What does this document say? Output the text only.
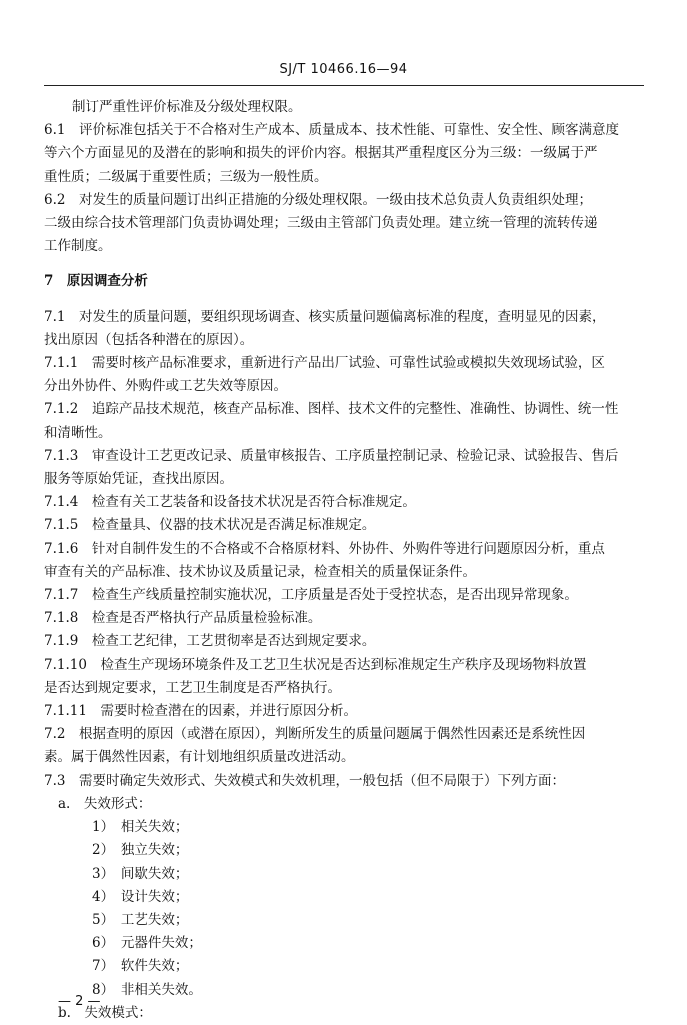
SJ/T 10466.16—94

制订严重性评价标准及分级处理权限。

6.1　评价标准包括关于不合格对生产成本、质量成本、技术性能、可靠性、安全性、顾客满意度

等六个方面显见的及潜在的影响和损失的评价内容。根据其严重程度区分为三级：一级属于严

重性质；二级属于重要性质；三级为一般性质。

6.2　对发生的质量问题订出纠正措施的分级处理权限。一级由技术总负责人负责组织处理；

二级由综合技术管理部门负责协调处理；三级由主管部门负责处理。建立统一管理的流转传递

工作制度。

7　原因调查分析

7.1　对发生的质量问题，要组织现场调查、核实质量问题偏离标准的程度，查明显见的因素，

找出原因（包括各种潜在的原因）。

7.1.1　需要时核产品标准要求，重新进行产品出厂试验、可靠性试验或模拟失效现场试验，区

分出外协件、外购件或工艺失效等原因。

7.1.2　追踪产品技术规范，核查产品标准、图样、技术文件的完整性、准确性、协调性、统一性

和清晰性。

7.1.3　审查设计工艺更改记录、质量审核报告、工序质量控制记录、检验记录、试验报告、售后

服务等原始凭证，查找出原因。

7.1.4　检查有关工艺装备和设备技术状况是否符合标准规定。

7.1.5　检查量具、仪器的技术状况是否满足标准规定。

7.1.6　针对自制件发生的不合格或不合格原材料、外协件、外购件等进行问题原因分析，重点

审查有关的产品标准、技术协议及质量记录，检查相关的质量保证条件。

7.1.7　检查生产线质量控制实施状况，工序质量是否处于受控状态，是否出现异常现象。

7.1.8　检查是否严格执行产品质量检验标准。

7.1.9　检查工艺纪律，工艺贯彻率是否达到规定要求。

7.1.10　检查生产现场环境条件及工艺卫生状况是否达到标准规定生产秩序及现场物料放置

是否达到规定要求，工艺卫生制度是否严格执行。

7.1.11　需要时检查潜在的因素，并进行原因分析。

7.2　根据查明的原因（或潜在原因），判断所发生的质量问题属于偶然性因素还是系统性因

素。属于偶然性因素，有计划地组织质量改进活动。

7.3　需要时确定失效形式、失效模式和失效机理，一般包括（但不局限于）下列方面：

a.　失效形式：

1）　相关失效；

2）　独立失效；

3）　间歇失效；

4）　设计失效；

5）　工艺失效；

6）　元器件失效；

7）　软件失效；

8）　非相关失效。

b.　失效模式：

— 2 —
